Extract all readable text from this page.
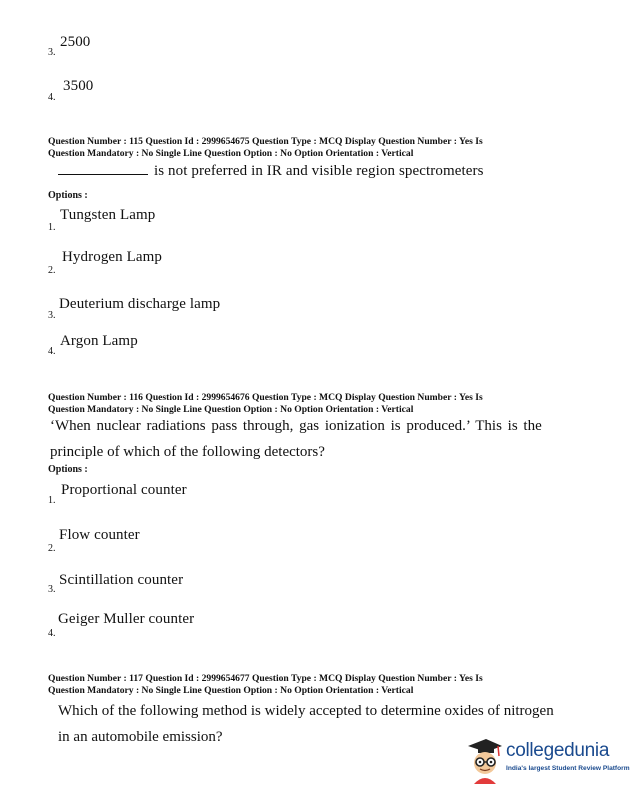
2500
3.
3500
4.
Question Number : 115 Question Id : 2999654675 Question Type : MCQ Display Question Number : Yes Is
Question Mandatory : No Single Line Question Option : No Option Orientation : Vertical
is not preferred in IR and visible region spectrometers
Options :
Tungsten Lamp
1.
Hydrogen Lamp
2.
Deuterium discharge lamp
3.
Argon Lamp
4.
Question Number : 116 Question Id : 2999654676 Question Type : MCQ Display Question Number : Yes Is
Question Mandatory : No Single Line Question Option : No Option Orientation : Vertical
‘When nuclear radiations pass through, gas ionization is produced.’ This is the
principle of which of the following detectors?
Options :
Proportional counter
1.
Flow counter
2.
Scintillation counter
3.
Geiger Muller counter
4.
Question Number : 117 Question Id : 2999654677 Question Type : MCQ Display Question Number : Yes Is
Question Mandatory : No Single Line Question Option : No Option Orientation : Vertical
Which of the following method is widely accepted to determine oxides of nitrogen
in an automobile emission?
collegedunia
India's largest Student Review Platform
